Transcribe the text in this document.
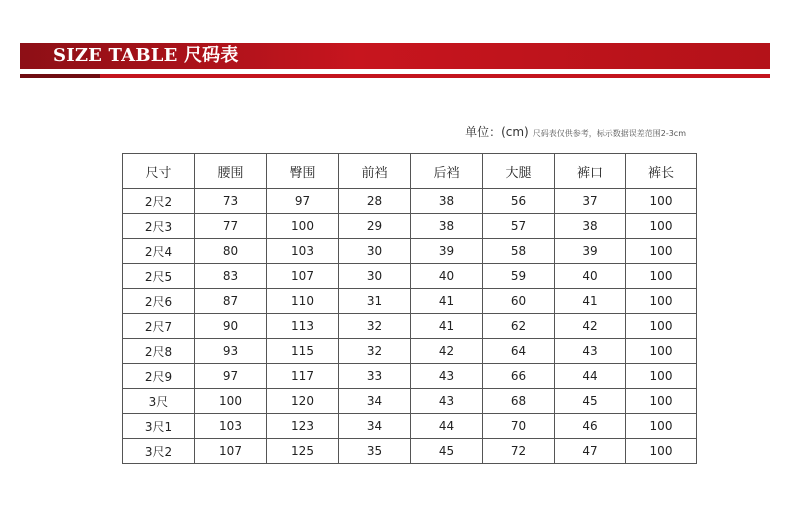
SIZE TABLE 尺码表
单位：(cm) 尺码表仅供参考，标示数据误差范围2-3cm
尺寸	腰围	臀围	前裆	后裆	大腿	裤口	裤长
2尺2	73	97	28	38	56	37	100
2尺3	77	100	29	38	57	38	100
2尺4	80	103	30	39	58	39	100
2尺5	83	107	30	40	59	40	100
2尺6	87	110	31	41	60	41	100
2尺7	90	113	32	41	62	42	100
2尺8	93	115	32	42	64	43	100
2尺9	97	117	33	43	66	44	100
3尺	100	120	34	43	68	45	100
3尺1	103	123	34	44	70	46	100
3尺2	107	125	35	45	72	47	100
